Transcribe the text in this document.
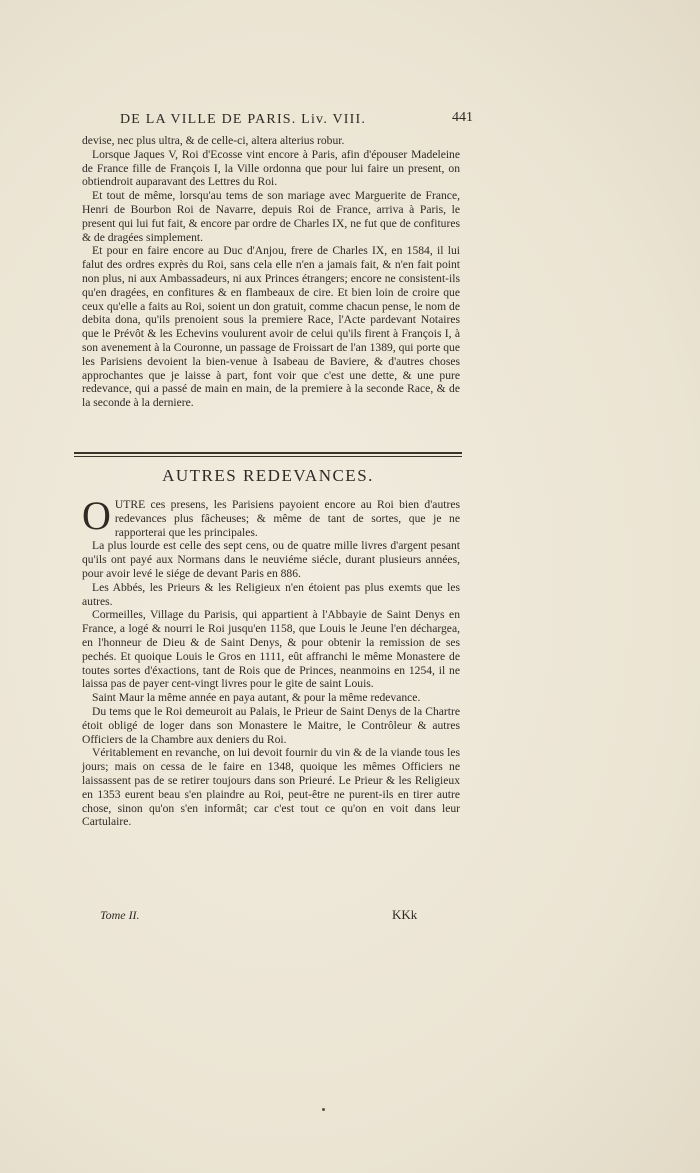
DE LA VILLE DE PARIS. Liv. VIII.	441

devise, nec plus ultra, & de celle-ci, altera alterius robur.

Lorsque Jaques V, Roi d'Ecosse vint encore à Paris, afin d'épouser Madeleine de France fille de François I, la Ville ordonna que pour lui faire un present, on obtiendroit auparavant des Lettres du Roi.

Et tout de même, lorsqu'au tems de son mariage avec Marguerite de France, Henri de Bourbon Roi de Navarre, depuis Roi de France, arriva à Paris, le present qui lui fut fait, & encore par ordre de Charles IX, ne fut que de confitures & de dragées simplement.

Et pour en faire encore au Duc d'Anjou, frere de Charles IX, en 1584, il lui falut des ordres exprès du Roi, sans cela elle n'en a jamais fait, & n'en fait point non plus, ni aux Ambassadeurs, ni aux Princes étrangers; encore ne consistent-ils qu'en dragées, en confitures & en flambeaux de cire. Et bien loin de croire que ceux qu'elle a faits au Roi, soient un don gratuit, comme chacun pense, le nom de debita dona, qu'ils prenoient sous la premiere Race, l'Acte pardevant Notaires que le Prévôt & les Echevins voulurent avoir de celui qu'ils firent à François I, à son avenement à la Couronne, un passage de Froissart de l'an 1389, qui porte que les Parisiens devoient la bien-venue à Isabeau de Baviere, & d'autres choses approchantes que je laisse à part, font voir que c'est une dette, & une pure redevance, qui a passé de main en main, de la premiere à la seconde Race, & de la seconde à la derniere.

AUTRES REDEVANCES.

OUTRE ces presens, les Parisiens payoient encore au Roi bien d'autres redevances plus fâcheuses; & même de tant de sortes, que je ne rapporterai que les principales.

La plus lourde est celle des sept cens, ou de quatre mille livres d'argent pesant qu'ils ont payé aux Normans dans le neuviéme siécle, durant plusieurs années, pour avoir levé le siége de devant Paris en 886.

Les Abbés, les Prieurs & les Religieux n'en étoient pas plus exemts que les autres.

Cormeilles, Village du Parisis, qui appartient à l'Abbayie de Saint Denys en France, a logé & nourri le Roi jusqu'en 1158, que Louis le Jeune l'en déchargea, en l'honneur de Dieu & de Saint Denys, & pour obtenir la remission de ses pechés. Et quoique Louis le Gros en 1111, eût affranchi le même Monastere de toutes sortes d'éxactions, tant de Rois que de Princes, neanmoins en 1254, il ne laissa pas de payer cent-vingt livres pour le gite de saint Louis.

Saint Maur la même année en paya autant, & pour la même redevance.

Du tems que le Roi demeuroit au Palais, le Prieur de Saint Denys de la Chartre étoit obligé de loger dans son Monastere le Maitre, le Contrôleur & autres Officiers de la Chambre aux deniers du Roi.

Véritablement en revanche, on lui devoit fournir du vin & de la viande tous les jours; mais on cessa de le faire en 1348, quoique les mêmes Officiers ne laissassent pas de se retirer toujours dans son Prieuré. Le Prieur & les Religieux en 1353 eurent beau s'en plaindre au Roi, peut-être ne purent-ils en tirer autre chose, sinon qu'on s'en informât; car c'est tout ce qu'on en voit dans leur Cartulaire.

Tome II.	KKk
